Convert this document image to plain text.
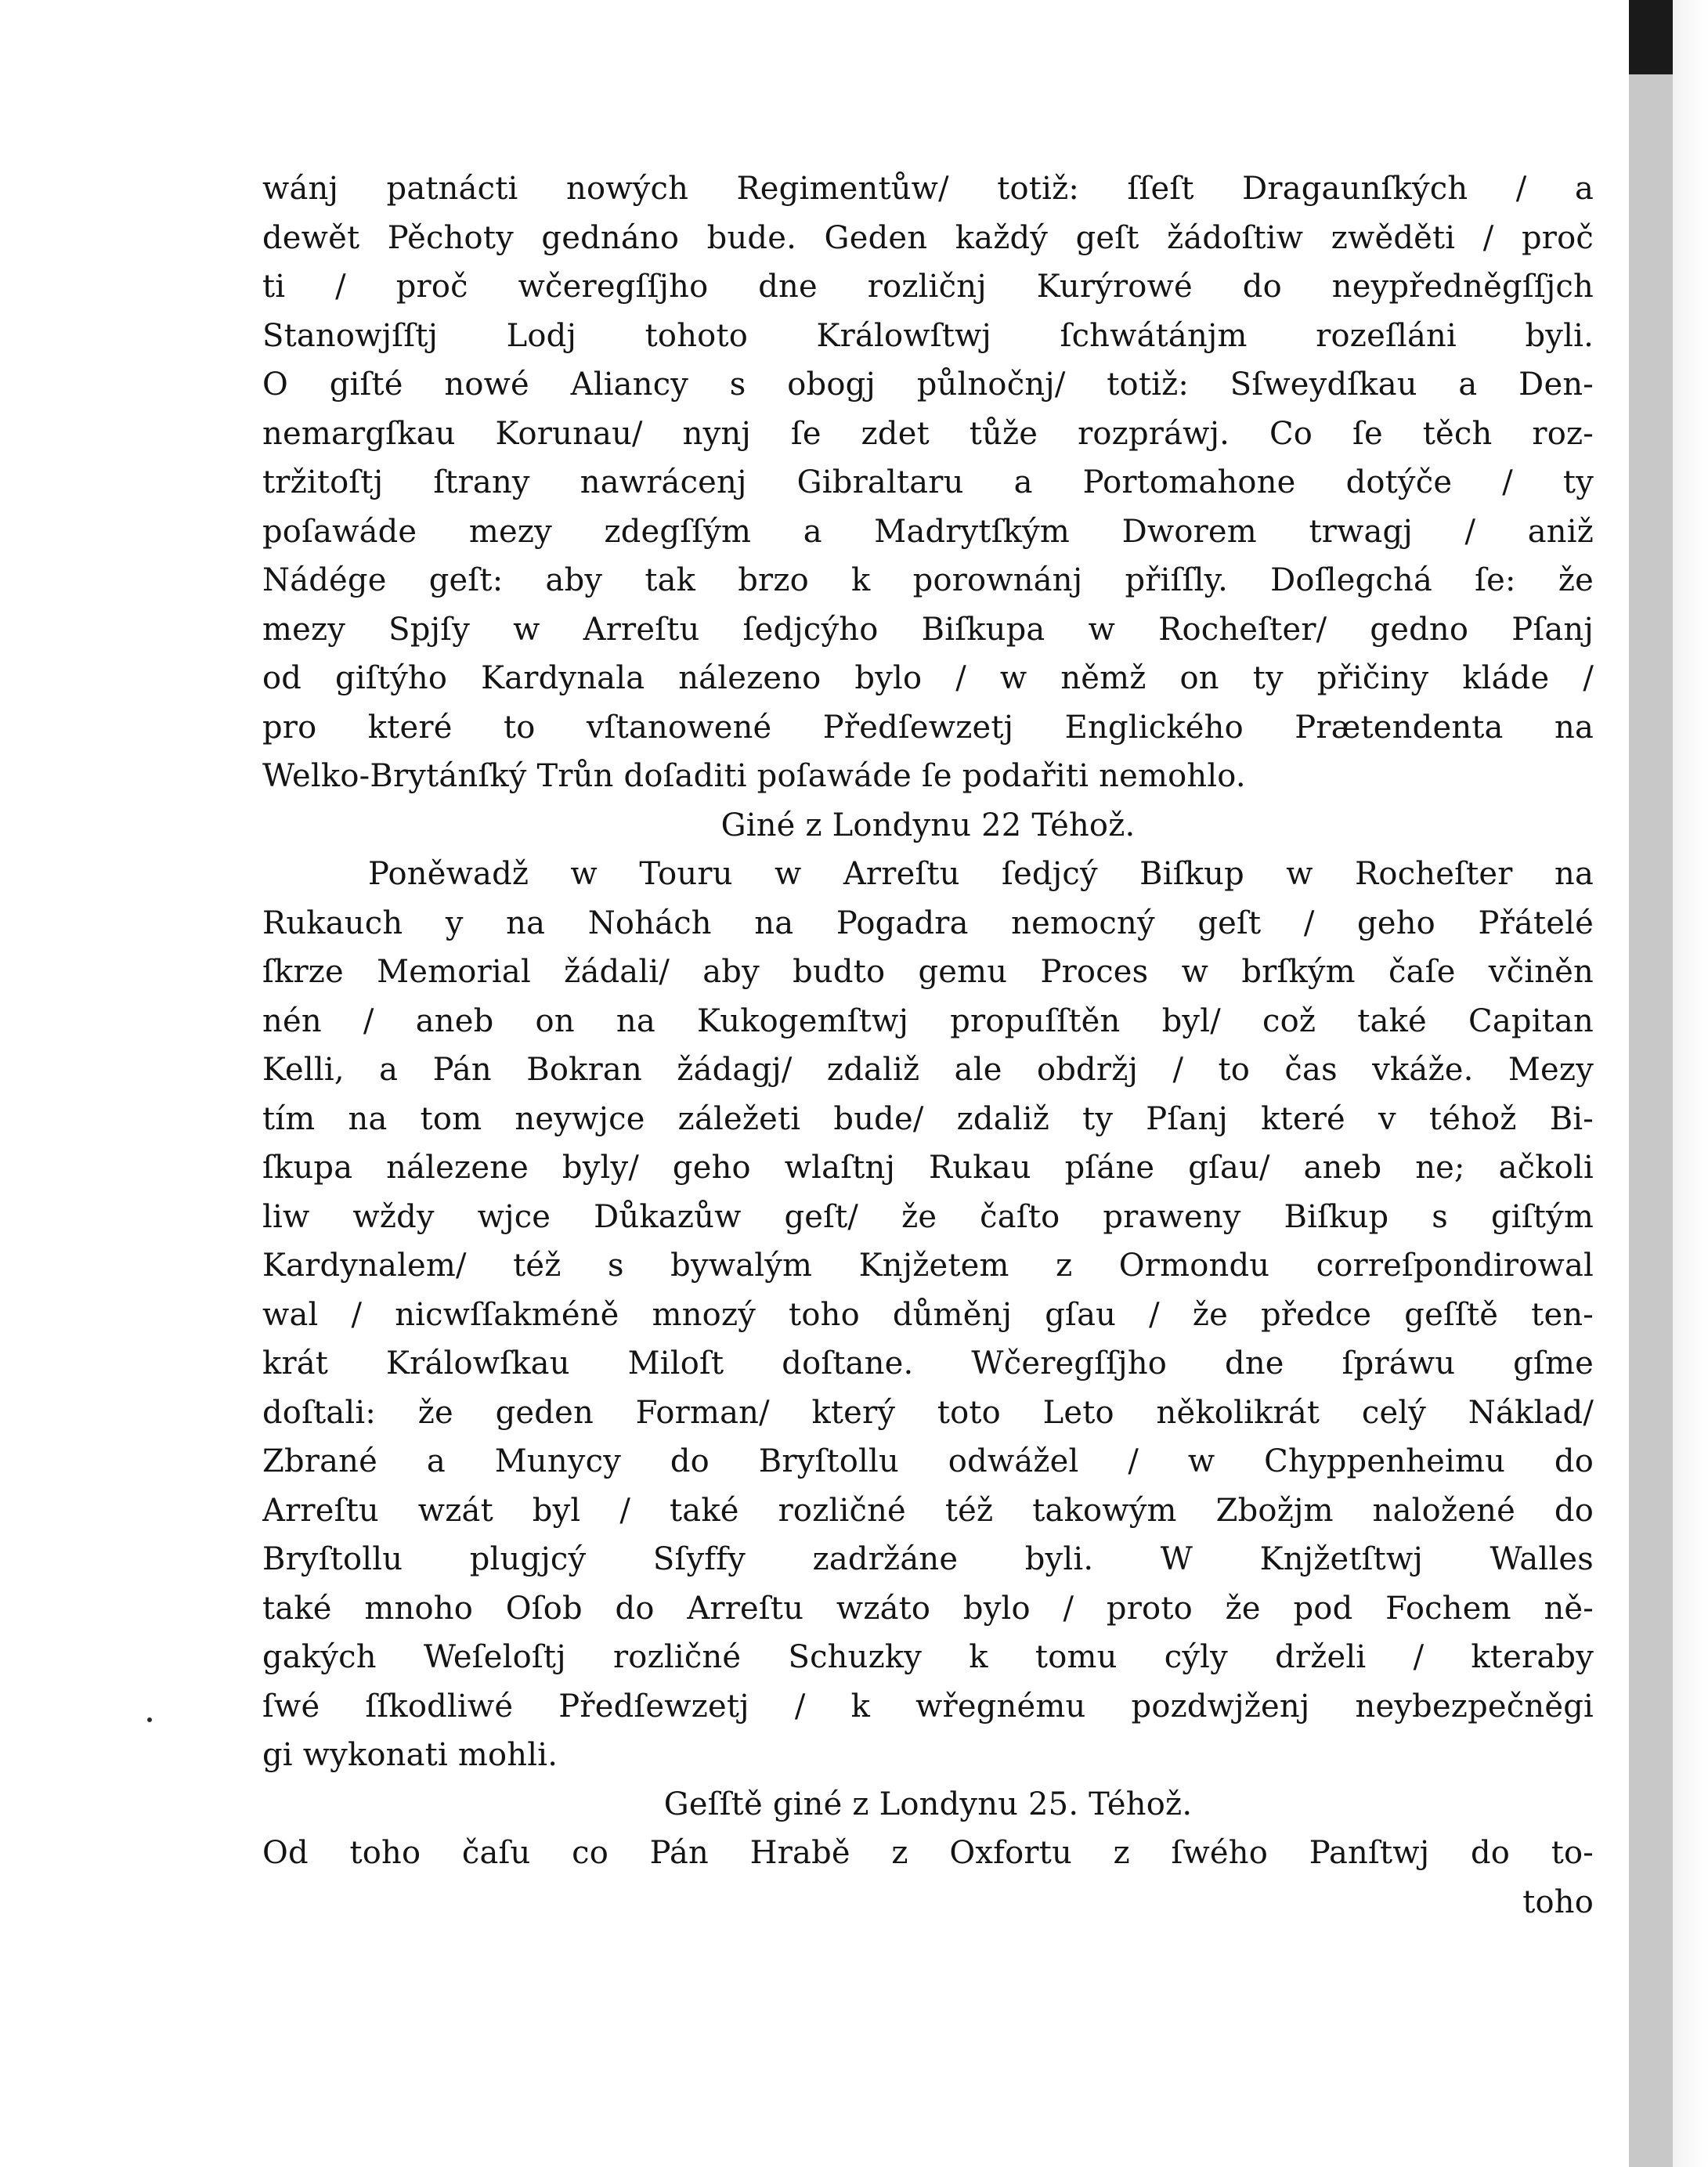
wánj patnácti nowých Regimentůw/ totiž: ſſeſt Dragaunſkých / a
dewět Pěchoty gednáno bude. Geden každý geſt žádoſtiw zwěděti / proč
ti / proč wčeregſſjho dne rozličnj Kurýrowé do neypředněgſſjch
Stanowjſſtj Lodj tohoto Králowſtwj ſchwátánjm rozeſláni byli.
O giſté nowé Aliancy s obogj půlnočnj/ totiž: Sſweydſkau a Den-
nemargſkau Korunau/ nynj ſe zdet tůže rozpráwj. Co ſe těch roz-
tržitoſtj ſtrany nawrácenj Gibraltaru a Portomahone dotýče / ty
poſawáde mezy zdegſſým a Madrytſkým Dworem trwagj / aniž
Nádége geſt: aby tak brzo k porownánj přiſſly. Doſlegchá ſe: že
mezy Spjſy w Arreſtu ſedjcýho Biſkupa w Rocheſter/ gedno Pſanj
od giſtýho Kardynala nálezeno bylo / w němž on ty přičiny kláde /
pro které to vſtanowené Předſewzetj Englického Prætendenta na
Welko-Brytánſký Trůn doſaditi poſawáde ſe podařiti nemohlo.
Giné z Londynu 22 Téhož.
Poněwadž w Touru w Arreſtu ſedjcý Biſkup w Rocheſter na
Rukauch y na Nohách na Pogadra nemocný geſt / geho Přátelé
ſkrze Memorial žádali/ aby budto gemu Proces w brſkým čaſe včiněn
nén / aneb on na Kukogemſtwj propuſſtěn byl/ což také Capitan
Kelli, a Pán Bokran žádagj/ zdaliž ale obdržj / to čas vkáže. Mezy
tím na tom neywjce záležeti bude/ zdaliž ty Pſanj které v téhož Bi-
ſkupa nálezene byly/ geho wlaſtnj Rukau pſáne gſau/ aneb ne; ačkoli
liw wždy wjce Důkazůw geſt/ že čaſto praweny Biſkup s giſtým
Kardynalem/ též s bywalým Knjžetem z Ormondu correſpondirowal
wal / nicwſſakméně mnozý toho důměnj gſau / že předce geſſtě ten-
krát Králowſkau Miloſt doſtane. Wčeregſſjho dne ſpráwu gſme
doſtali: že geden Forman/ který toto Leto několikrát celý Náklad/
Zbrané a Munycy do Bryſtollu odwážel / w Chyppenheimu do
Arreſtu wzát byl / také rozličné též takowým Zbožjm naložené do
Bryſtollu plugjcý Sſyffy zadržáne byli. W Knjžetſtwj Walles
také mnoho Oſob do Arreſtu wzáto bylo / proto že pod Fochem ně-
gakých Weſeloſtj rozličné Schuzky k tomu cýly drželi / kteraby
ſwé ſſkodliwé Předſewzetj / k wřegnému pozdwjženj neybezpečněgi
gi wykonati mohli.
Geſſtě giné z Londynu 25. Téhož.
Od toho čaſu co Pán Hrabě z Oxfortu z ſwého Panſtwj do to-
toho
